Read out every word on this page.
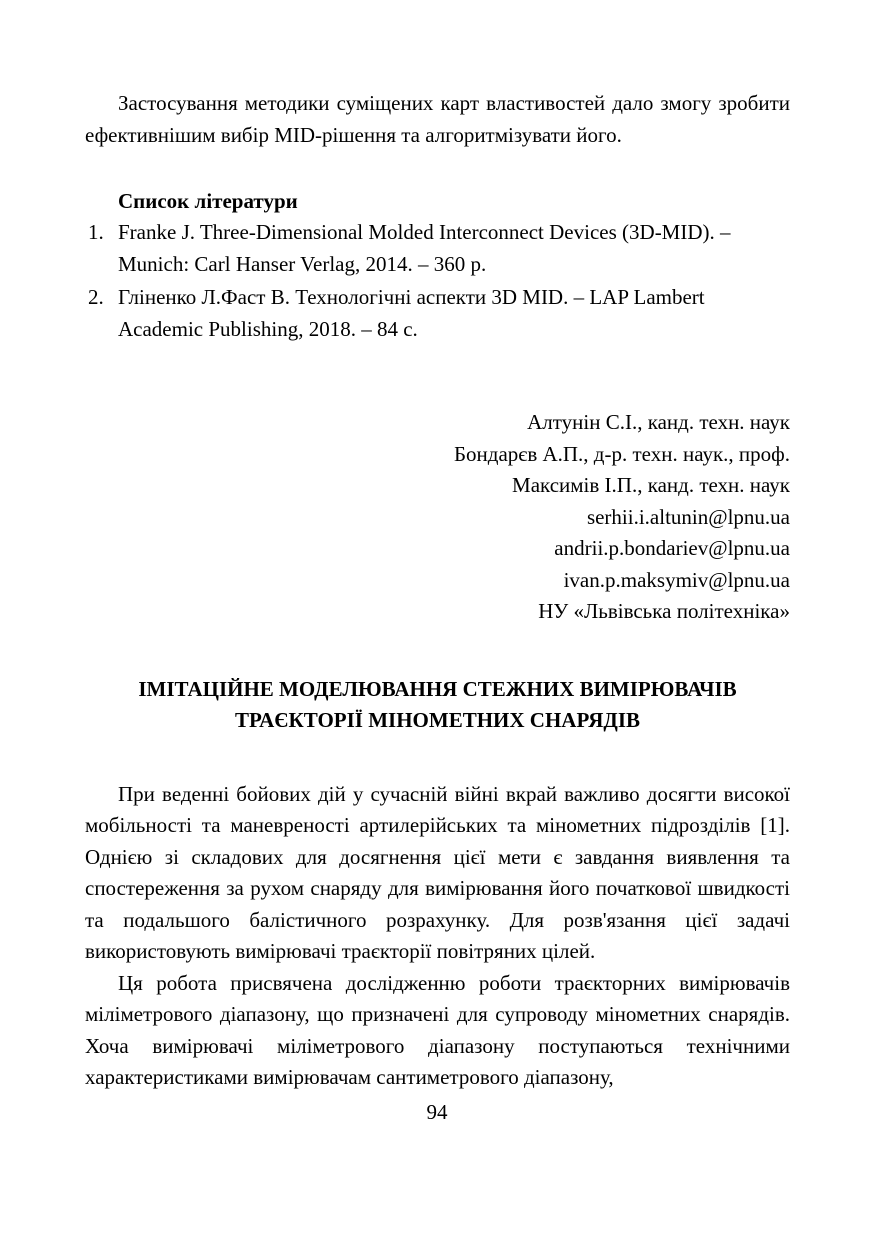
Застосування методики суміщених карт властивостей дало змогу зробити ефективнішим вибір MID-рішення та алгоритмізувати його.

Список літератури
1. Franke J. Three-Dimensional Molded Interconnect Devices (3D-MID). – Munich: Carl Hanser Verlag, 2014. – 360 p.
2. Гліненко Л.Фаст В. Технологічні аспекти 3D MID. – LAP Lambert Academic Publishing, 2018. – 84 с.
Алтунін С.І., канд. техн. наук
Бондарєв А.П., д-р. техн. наук., проф.
Максимів І.П., канд. техн. наук
serhii.i.altunin@lpnu.ua
andrii.p.bondariev@lpnu.ua
ivan.p.maksymiv@lpnu.ua
НУ «Львівська політехніка»
ІМІТАЦІЙНЕ МОДЕЛЮВАННЯ СТЕЖНИХ ВИМІРЮВАЧІВ ТРАЄКТОРІЇ МІНОМЕТНИХ СНАРЯДІВ

При веденні бойових дій у сучасній війні вкрай важливо досягти високої мобільності та маневреності артилерійських та мінометних підрозділів [1]. Однією зі складових для досягнення цієї мети є завдання виявлення та спостереження за рухом снаряду для вимірювання його початкової швидкості та подальшого балістичного розрахунку. Для розв'язання цієї задачі використовують вимірювачі траєкторії повітряних цілей.

Ця робота присвячена дослідженню роботи траєкторних вимірювачів міліметрового діапазону, що призначені для супроводу мінометних снарядів. Хоча вимірювачі міліметрового діапазону поступаються технічними характеристиками вимірювачам сантиметрового діапазону,

94
